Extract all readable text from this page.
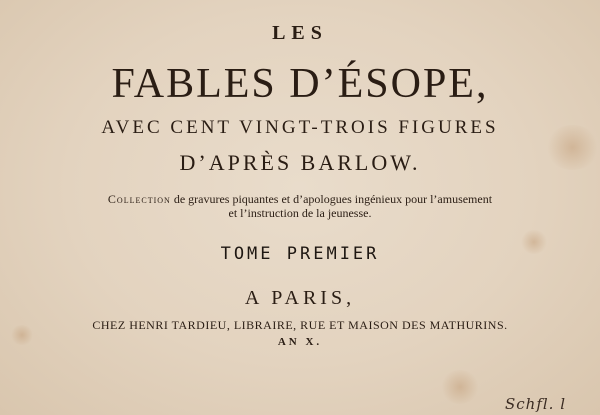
LES
FABLES D’ÉSOPE,
AVEC CENT VINGT-TROIS FIGURES
D’APRÈS BARLOW.
Collection de gravures piquantes et d’apologues ingénieux pour l’amusement
et l’instruction de la jeunesse.
TOME PREMIER
A PARIS,
CHEZ HENRI TARDIEU, LIBRAIRE, RUE ET MAISON DES MATHURINS.
AN X.
Schfl. l
